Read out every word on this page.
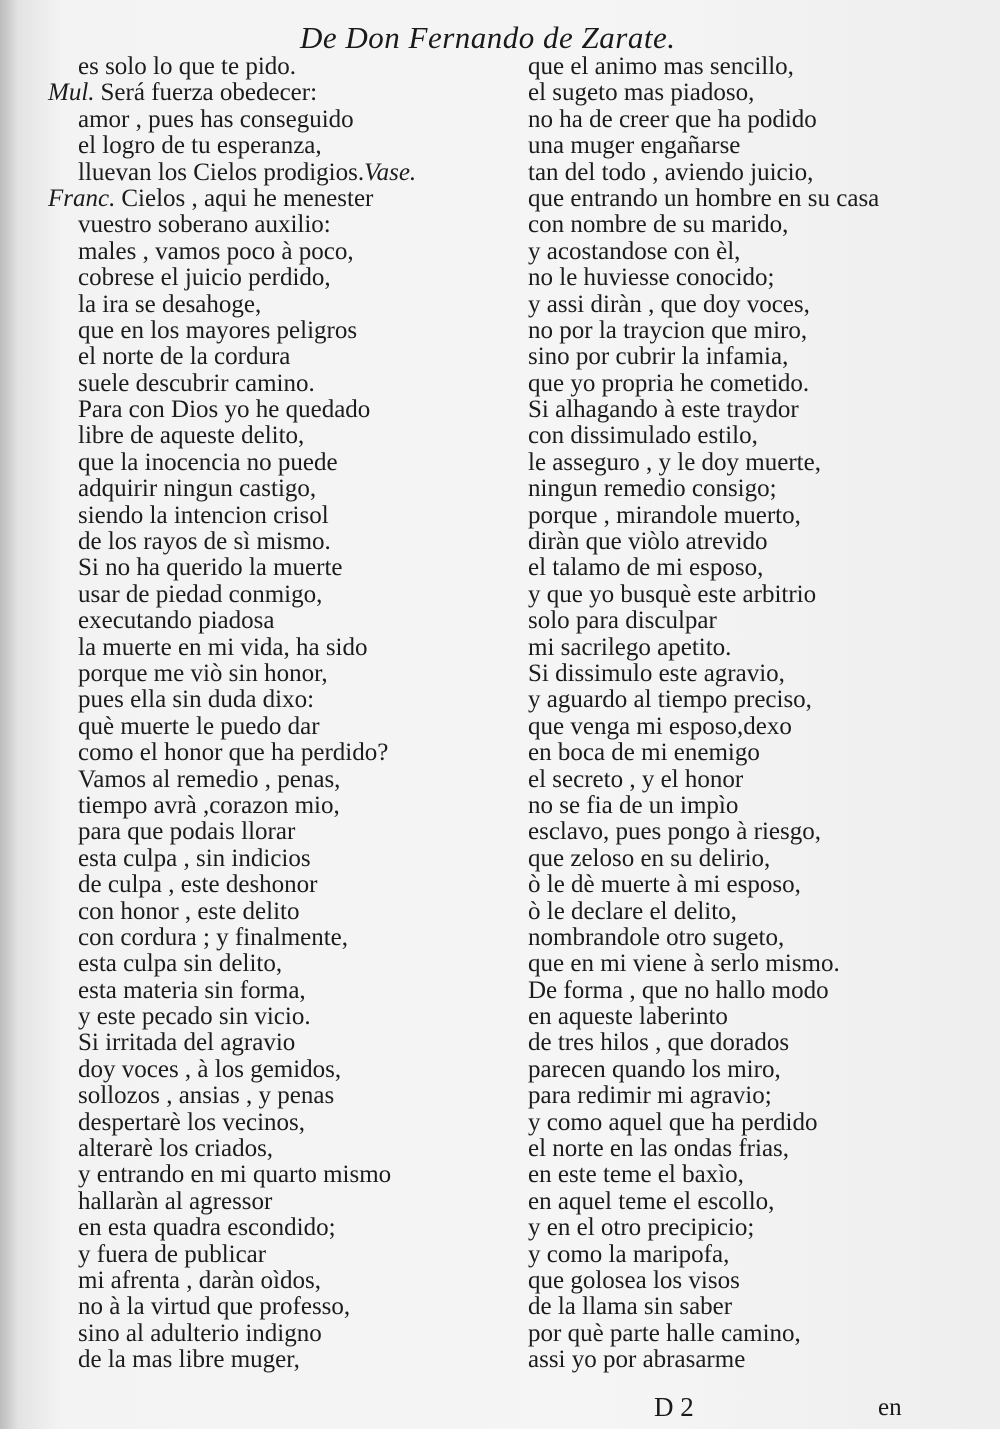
De Don Fernando de Zarate.
es solo lo que te pido.
Mul. Será fuerza obedecer:
amor , pues has conseguido
el logro de tu esperanza,
lluevan los Cielos prodigios.Vase.
Franc. Cielos , aqui he menester
vuestro soberano auxilio:
males , vamos poco à poco,
cobrese el juicio perdido,
la ira se desahoge,
que en los mayores peligros
el norte de la cordura
suele descubrir camino.
Para con Dios yo he quedado
libre de aqueste delito,
que la inocencia no puede
adquirir ningun castigo,
siendo la intencion crisol
de los rayos de sì mismo.
Si no ha querido la muerte
usar de piedad conmigo,
executando piadosa
la muerte en mi vida, ha sido
porque me viò sin honor,
pues ella sin duda dixo:
què muerte le puedo dar
como el honor que ha perdido?
Vamos al remedio , penas,
tiempo avrà ,corazon mio,
para que podais llorar
esta culpa , sin indicios
de culpa , este deshonor
con honor , este delito
con cordura ; y finalmente,
esta culpa sin delito,
esta materia sin forma,
y este pecado sin vicio.
Si irritada del agravio
doy voces , à los gemidos,
sollozos , ansias , y penas
despertarè los vecinos,
alterarè los criados,
y entrando en mi quarto mismo
hallaràn al agressor
en esta quadra escondido;
y fuera de publicar
mi afrenta , daràn oìdos,
no à la virtud que professo,
sino al adulterio indigno
de la mas libre muger,
que el animo mas sencillo,
el sugeto mas piadoso,
no ha de creer que ha podido
una muger engañarse
tan del todo , aviendo juicio,
que entrando un hombre en su casa
con nombre de su marido,
y acostandose con èl,
no le huviesse conocido;
y assi diràn , que doy voces,
no por la traycion que miro,
sino por cubrir la infamia,
que yo propria he cometido.
Si alhagando à este traydor
con dissimulado estilo,
le asseguro , y le doy muerte,
ningun remedio consigo;
porque , mirandole muerto,
diràn que viòlo atrevido
el talamo de mi esposo,
y que yo busquè este arbitrio
solo para disculpar
mi sacrilego apetito.
Si dissimulo este agravio,
y aguardo al tiempo preciso,
que venga mi esposo,dexo
en boca de mi enemigo
el secreto , y el honor
no se fia de un impìo
esclavo, pues pongo à riesgo,
que zeloso en su delirio,
ò le dè muerte à mi esposo,
ò le declare el delito,
nombrandole otro sugeto,
que en mi viene à serlo mismo.
De forma , que no hallo modo
en aqueste laberinto
de tres hilos , que dorados
parecen quando los miro,
para redimir mi agravio;
y como aquel que ha perdido
el norte en las ondas frias,
en este teme el baxìo,
en aquel teme el escollo,
y en el otro precipicio;
y como la maripofa,
que golosea los visos
de la llama sin saber
por què parte halle camino,
assi yo por abrasarme
D 2	en
